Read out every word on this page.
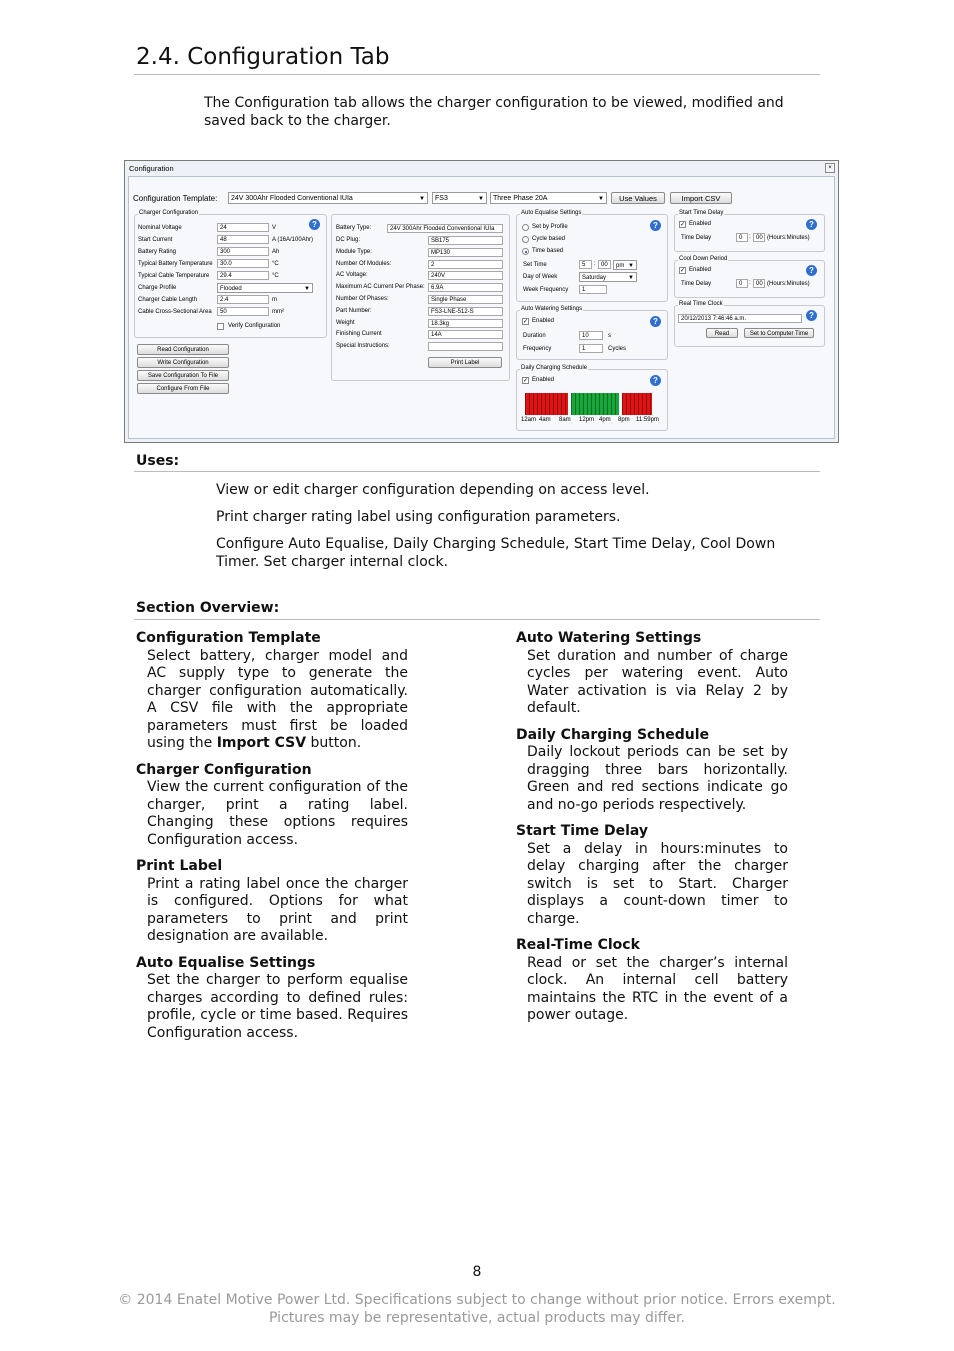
2.4. Configuration Tab
The Configuration tab allows the charger configuration to be viewed, modified and saved back to the charger.
Configuration	×
Configuration Template:	24V 300Ahr Flooded Conventional IUIa	▼	FS3	▼	Three Phase 20A	▼	Use Values	Import CSV
Charger Configuration
?
Nominal Voltage	24	V
Start Current	48	A (16A/100Ahr)
Battery Rating	300	Ah
Typical Battery Temperature	30.0	°C
Typical Cable Temperature	29.4	°C
Charge Profile	Flooded	▼
Charger Cable Length	2.4	m
Cable Cross-Sectional Area	50	mm²
Verify Configuration
Read Configuration
Write Configuration
Save Configuration To File
Configure From File
Battery Type:	24V 300Ahr Flooded Conventional IUIa
DC Plug:	SB175
Module Type:	MP130
Number Of Modules:	2
AC Voltage:	240V
Maximum AC Current Per Phase:	6.9A
Number Of Phases:	Single Phase
Part Number:	FS3-LNE-512-S
Weight	18.3kg
Finishing Current	14A
Special Instructions:
Print Label
Auto Equalise Settings
?
Set by Profile
Cycle based
Time based
Set Time	5	: 00	pm ▼
Day of Week	Saturday	▼
Week Frequency	1
Auto Watering Settings
?
✓ Enabled
Duration	10	s
Frequency	1	Cycles
Daily Charging Schedule
?
✓ Enabled
12am 4am 8am 12pm 4pm 8pm 11:59pm
Start Time Delay
?
✓ Enabled
Time Delay	0	: 00 (Hours:Minutes)
Cool Down Period
?
✓ Enabled
Time Delay	0	: 00 (Hours:Minutes)
Real Time Clock
?
20/12/2013 7:46:46 a.m.
Read	Set to Computer Time
Uses:
View or edit charger configuration depending on access level.
Print charger rating label using configuration parameters.
Configure Auto Equalise, Daily Charging Schedule, Start Time Delay, Cool Down Timer. Set charger internal clock.
Section Overview:
Configuration Template
Select battery, charger model and AC supply type to generate the charger configuration automatically. A CSV file with the appropriate parameters must first be loaded using the Import CSV button.
Charger Configuration
View the current configuration of the charger, print a rating label. Changing these options requires Configuration access.
Print Label
Print a rating label once the charger is configured. Options for what parameters to print and print designation are available.
Auto Equalise Settings
Set the charger to perform equalise charges according to defined rules: profile, cycle or time based. Requires Configuration access.
Auto Watering Settings
Set duration and number of charge cycles per watering event. Auto Water activation is via Relay 2 by default.
Daily Charging Schedule
Daily lockout periods can be set by dragging three bars horizontally. Green and red sections indicate go and no-go periods respectively.
Start Time Delay
Set a delay in hours:minutes to delay charging after the charger switch is set to Start. Charger displays a count-down timer to charge.
Real-Time Clock
Read or set the charger’s internal clock. An internal cell battery maintains the RTC in the event of a power outage.
8
© 2014 Enatel Motive Power Ltd. Specifications subject to change without prior notice. Errors exempt. Pictures may be representative, actual products may differ.
